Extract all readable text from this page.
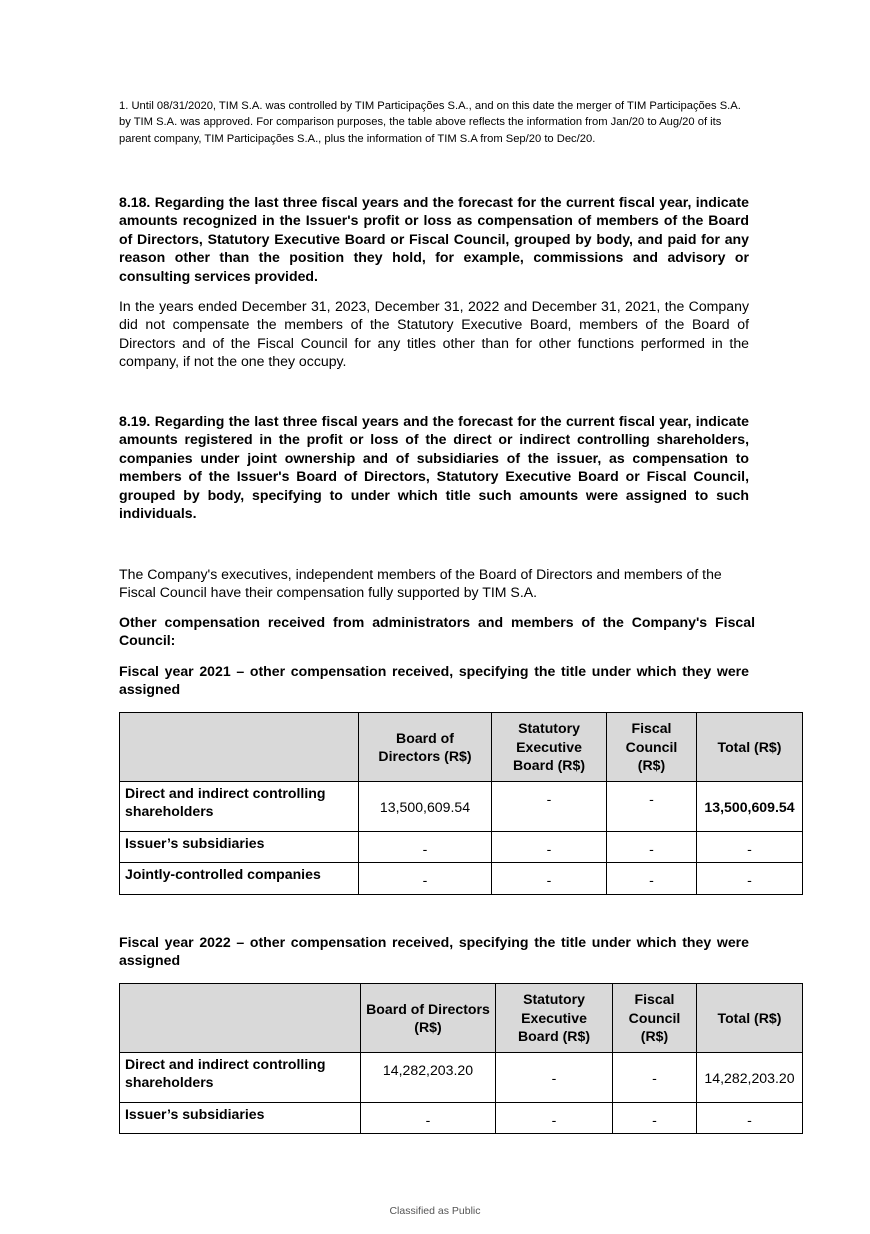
1. Until 08/31/2020, TIM S.A. was controlled by TIM Participações S.A., and on this date the merger of TIM Participações S.A. by TIM S.A. was approved. For comparison purposes, the table above reflects the information from Jan/20 to Aug/20 of its parent company, TIM Participações S.A., plus the information of TIM S.A from Sep/20 to Dec/20.
8.18. Regarding the last three fiscal years and the forecast for the current fiscal year, indicate amounts recognized in the Issuer's profit or loss as compensation of members of the Board of Directors, Statutory Executive Board or Fiscal Council, grouped by body, and paid for any reason other than the position they hold, for example, commissions and advisory or consulting services provided.
In the years ended December 31, 2023, December 31, 2022 and December 31, 2021, the Company did not compensate the members of the Statutory Executive Board, members of the Board of Directors and of the Fiscal Council for any titles other than for other functions performed in the company, if not the one they occupy.
8.19. Regarding the last three fiscal years and the forecast for the current fiscal year, indicate amounts registered in the profit or loss of the direct or indirect controlling shareholders, companies under joint ownership and of subsidiaries of the issuer, as compensation to members of the Issuer's Board of Directors, Statutory Executive Board or Fiscal Council, grouped by body, specifying to under which title such amounts were assigned to such individuals.
The Company's executives, independent members of the Board of Directors and members of the Fiscal Council have their compensation fully supported by TIM S.A.
Other compensation received from administrators and members of the Company's Fiscal Council:
Fiscal year 2021 – other compensation received, specifying the title under which they were assigned
	Board of Directors (R$)	Statutory Executive Board (R$)	Fiscal Council (R$)	Total (R$)
Direct and indirect controlling shareholders	13,500,609.54	-	-	13,500,609.54
Issuer’s subsidiaries	-	-	-	-
Jointly-controlled companies	-	-	-	-
Fiscal year 2022 – other compensation received, specifying the title under which they were assigned
	Board of Directors (R$)	Statutory Executive Board (R$)	Fiscal Council (R$)	Total (R$)
Direct and indirect controlling shareholders	14,282,203.20	-	-	14,282,203.20
Issuer’s subsidiaries	-	-	-	-
Classified as Public
